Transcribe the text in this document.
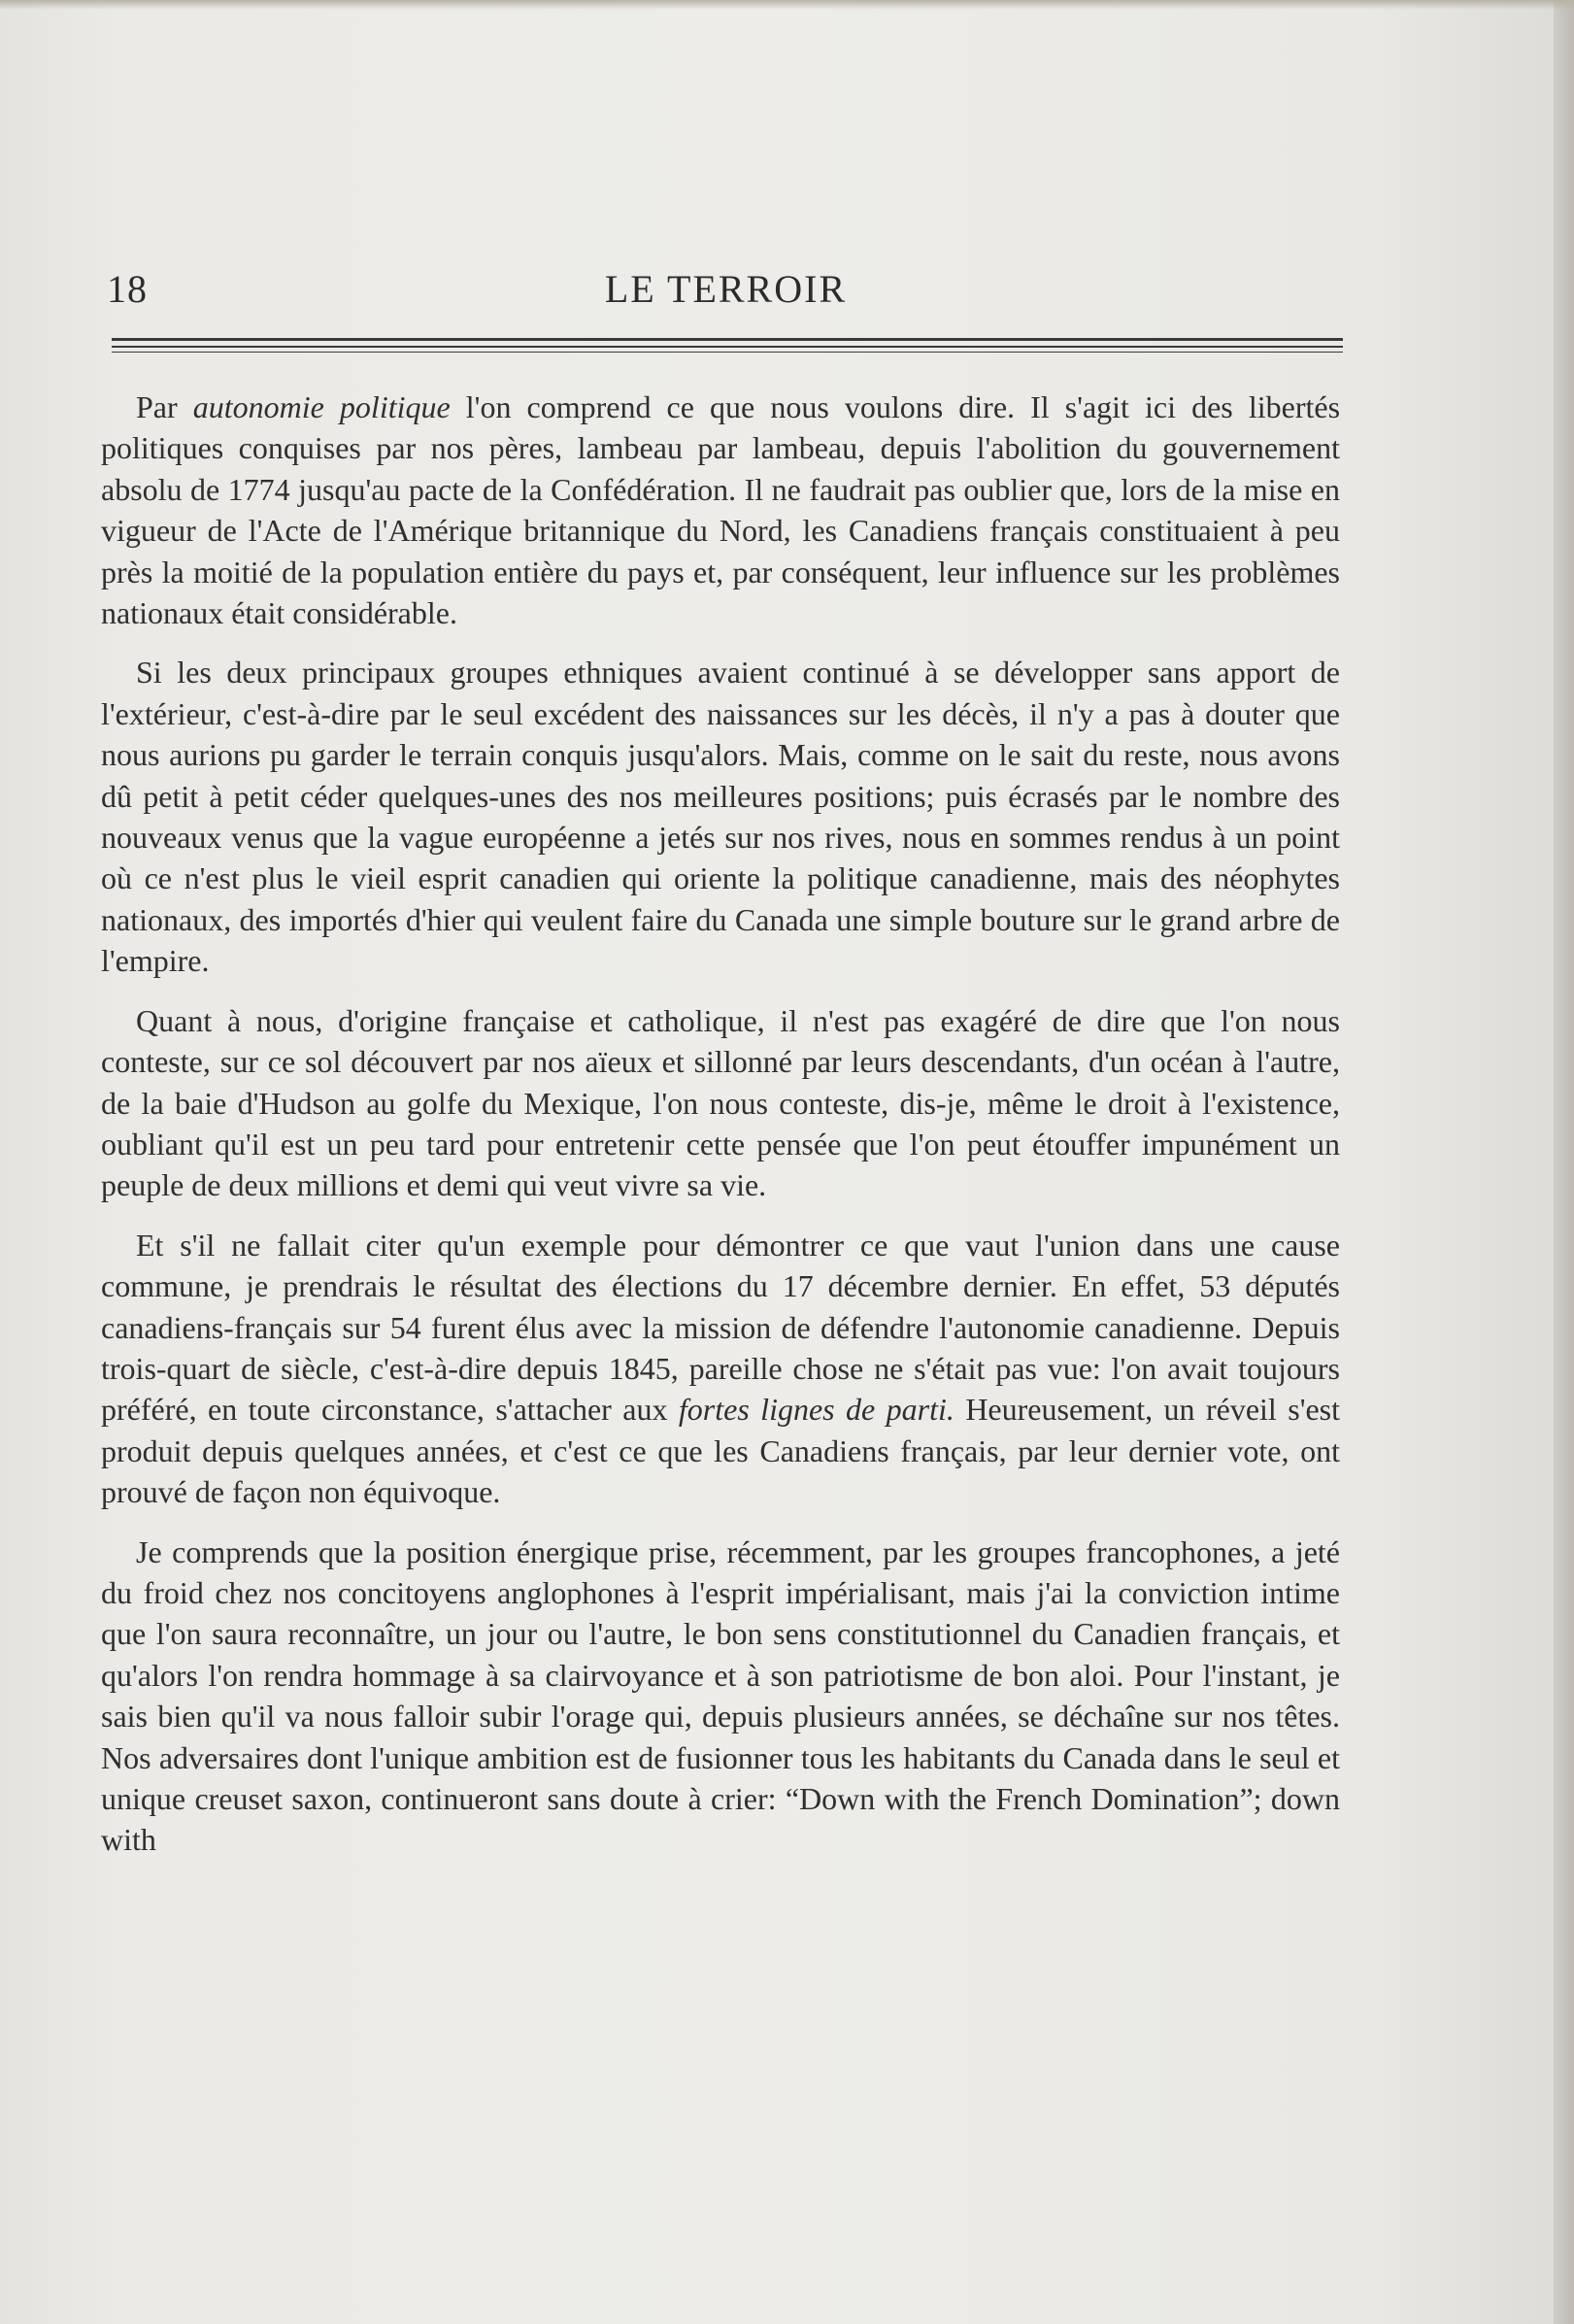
18	LE TERROIR

Par autonomie politique l'on comprend ce que nous voulons dire. Il s'agit ici des libertés politiques conquises par nos pères, lambeau par lambeau, depuis l'abolition du gouvernement absolu de 1774 jusqu'au pacte de la Confédération. Il ne faudrait pas oublier que, lors de la mise en vigueur de l'Acte de l'Amérique britannique du Nord, les Canadiens français constituaient à peu près la moitié de la population entière du pays et, par conséquent, leur influence sur les problèmes nationaux était considérable.

Si les deux principaux groupes ethniques avaient continué à se développer sans apport de l'extérieur, c'est-à-dire par le seul excédent des naissances sur les décès, il n'y a pas à douter que nous aurions pu garder le terrain conquis jusqu'alors. Mais, comme on le sait du reste, nous avons dû petit à petit céder quelques-unes des nos meilleures positions; puis écrasés par le nombre des nouveaux venus que la vague européenne a jetés sur nos rives, nous en sommes rendus à un point où ce n'est plus le vieil esprit canadien qui oriente la politique canadienne, mais des néophytes nationaux, des importés d'hier qui veulent faire du Canada une simple bouture sur le grand arbre de l'empire.

Quant à nous, d'origine française et catholique, il n'est pas exagéré de dire que l'on nous conteste, sur ce sol découvert par nos aïeux et sillonné par leurs descendants, d'un océan à l'autre, de la baie d'Hudson au golfe du Mexique, l'on nous conteste, dis-je, même le droit à l'existence, oubliant qu'il est un peu tard pour entretenir cette pensée que l'on peut étouffer impunément un peuple de deux millions et demi qui veut vivre sa vie.

Et s'il ne fallait citer qu'un exemple pour démontrer ce que vaut l'union dans une cause commune, je prendrais le résultat des élections du 17 décembre dernier. En effet, 53 députés canadiens-français sur 54 furent élus avec la mission de défendre l'autonomie canadienne. Depuis trois-quart de siècle, c'est-à-dire depuis 1845, pareille chose ne s'était pas vue: l'on avait toujours préféré, en toute circonstance, s'attacher aux fortes lignes de parti. Heureusement, un réveil s'est produit depuis quelques années, et c'est ce que les Canadiens français, par leur dernier vote, ont prouvé de façon non équivoque.

Je comprends que la position énergique prise, récemment, par les groupes francophones, a jeté du froid chez nos concitoyens anglophones à l'esprit impérialisant, mais j'ai la conviction intime que l'on saura reconnaître, un jour ou l'autre, le bon sens constitutionnel du Canadien français, et qu'alors l'on rendra hommage à sa clairvoyance et à son patriotisme de bon aloi. Pour l'instant, je sais bien qu'il va nous falloir subir l'orage qui, depuis plusieurs années, se déchaîne sur nos têtes. Nos adversaires dont l'unique ambition est de fusionner tous les habitants du Canada dans le seul et unique creuset saxon, continueront sans doute à crier: “Down with the French Domination”; down with
